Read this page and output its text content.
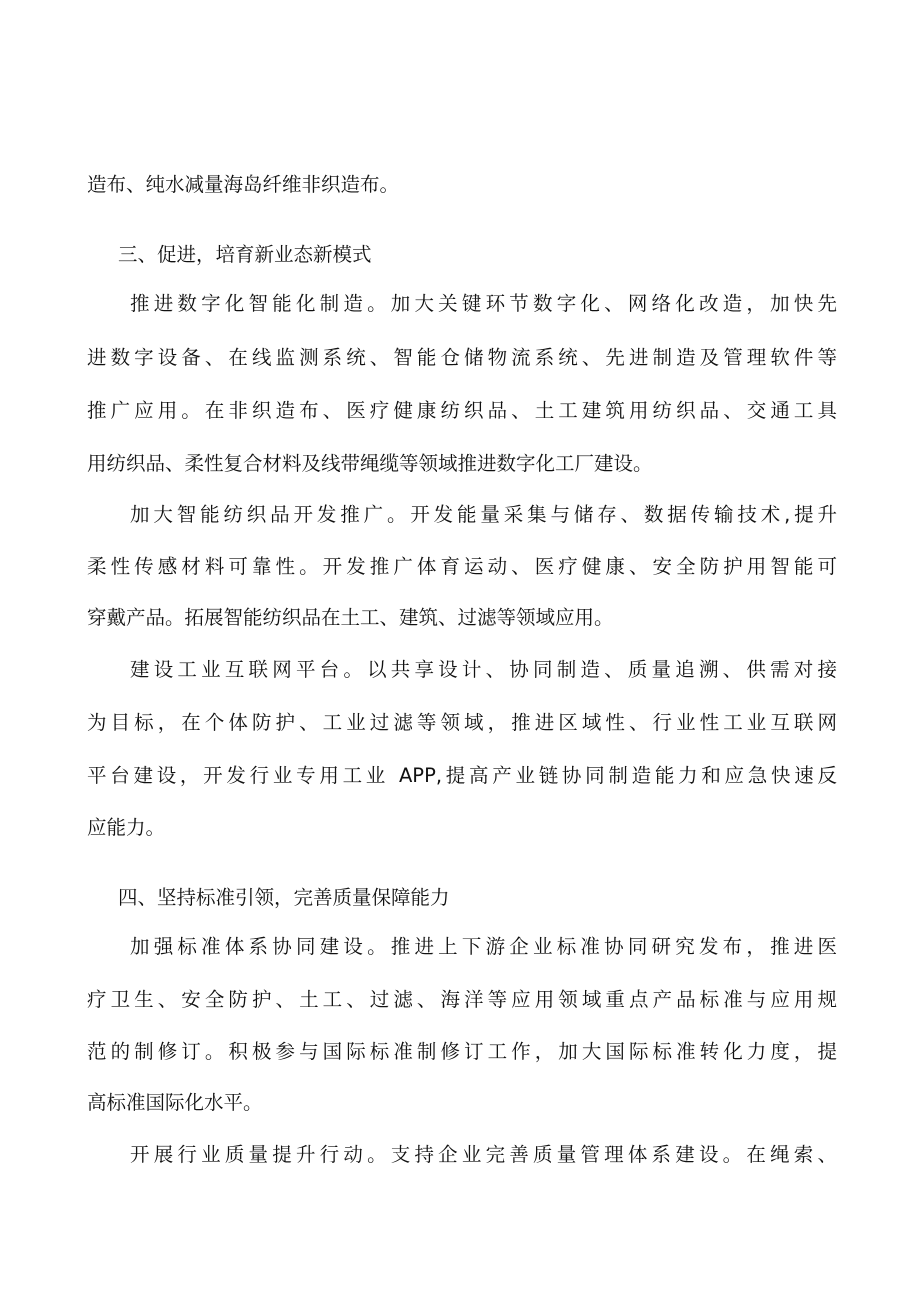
造布、纯水减量海岛纤维非织造布。
三、促进，培育新业态新模式
推进数字化智能化制造。加大关键环节数字化、网络化改造，加快先
进数字设备、在线监测系统、智能仓储物流系统、先进制造及管理软件等
推广应用。在非织造布、医疗健康纺织品、土工建筑用纺织品、交通工具
用纺织品、柔性复合材料及线带绳缆等领域推进数字化工厂建设。
加大智能纺织品开发推广。开发能量采集与储存、数据传输技术,提升
柔性传感材料可靠性。开发推广体育运动、医疗健康、安全防护用智能可
穿戴产品。拓展智能纺织品在土工、建筑、过滤等领域应用。
建设工业互联网平台。以共享设计、协同制造、质量追溯、供需对接
为目标，在个体防护、工业过滤等领域，推进区域性、行业性工业互联网
平台建设，开发行业专用工业 APP,提高产业链协同制造能力和应急快速反
应能力。
四、坚持标准引领，完善质量保障能力
加强标准体系协同建设。推进上下游企业标准协同研究发布，推进医
疗卫生、安全防护、土工、过滤、海洋等应用领域重点产品标准与应用规
范的制修订。积极参与国际标准制修订工作，加大国际标准转化力度，提
高标准国际化水平。
开展行业质量提升行动。支持企业完善质量管理体系建设。在绳索、
